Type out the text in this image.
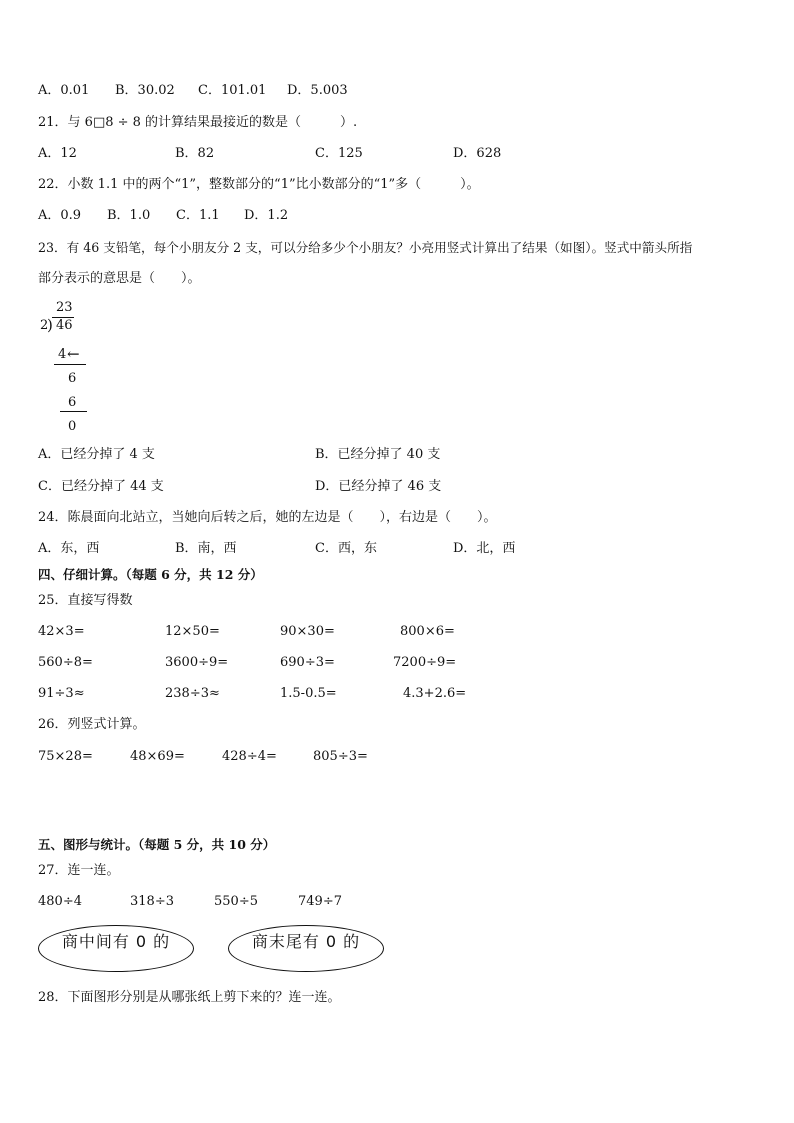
A．0.01 B．30.02 C．101.01 D．5.003
21．与 6□8 ÷ 8 的计算结果最接近的数是（　　　）.
A．12	B．82	C．125	D．628
22．小数 1.1 中的两个“1”，整数部分的“1”比小数部分的“1”多（　　　）。
A．0.9 B．1.0 C．1.1 D．1.2
23．有 46 支铅笔，每个小朋友分 2 支，可以分给多少个小朋友？小亮用竖式计算出了结果（如图）。竖式中箭头所指
部分表示的意思是（　　）。
23
2
) 46
4 ←
6
6
0
A．已经分掉了 4 支	B．已经分掉了 40 支
C．已经分掉了 44 支	D．已经分掉了 46 支
24．陈晨面向北站立，当她向后转之后，她的左边是（　　），右边是（　　）。
A．东，西	B．南，西	C．西，东	D．北，西
四、仔细计算。（每题 6 分，共 12 分）
25．直接写得数
42×3=	12×50=	90×30=	800×6=
560÷8=	3600÷9=	690÷3=	7200÷9=
91÷3≈	238÷3≈	1.5-0.5=	4.3+2.6=
26．列竖式计算。
75×28=	48×69=	428÷4=	805÷3=
五、图形与统计。（每题 5 分，共 10 分）
27．连一连。
480÷4	318÷3	550÷5	749÷7
商中间有 0 的	商末尾有 0 的
28．下面图形分别是从哪张纸上剪下来的？连一连。
